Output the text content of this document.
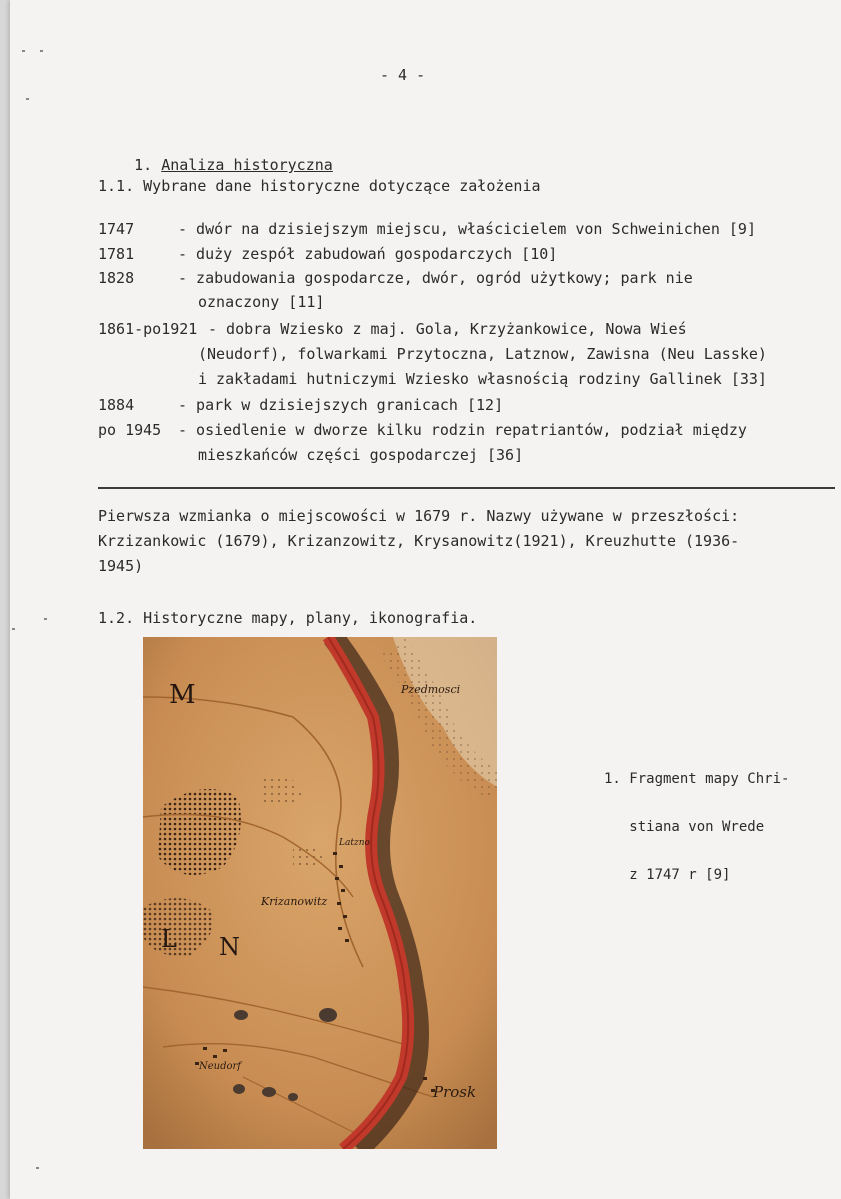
- 4 -

1. Analiza historyczna

1.1. Wybrane dane historyczne dotyczące założenia
1747	- dwór na dzisiejszym miejscu, właścicielem von Schweinichen [9]
1781	- duży zespół zabudowań gospodarczych [10]
1828	- zabudowania gospodarcze, dwór, ogród użytkowy; park nie
oznaczony [11]
1861-po1921 - dobra Wziesko z maj. Gola, Krzyżankowice, Nowa Wieś
(Neudorf), folwarkami Przytoczna, Latznow, Zawisna (Neu Lasske)
i zakładami hutniczymi Wziesko własnością rodziny Gallinek [33]
1884	- park w dzisiejszych granicach [12]
po 1945 - osiedlenie w dworze kilku rodzin repatriantów, podział między
mieszkańców części gospodarczej [36]
Pierwsza wzmianka o miejscowości w 1679 r. Nazwy używane w przeszłości:
Krzizankowic (1679), Krizanzowitz, Krysanowitz(1921), Kreuzhutte (1936-
1945)
1.2. Historyczne mapy, plany, ikonografia.
M
L N
Pzedmosci
Latzno
Krizanowitz
Neudorf
Prosk

1. Fragment mapy Chri-

stiana von Wrede

z 1747 r [9]
